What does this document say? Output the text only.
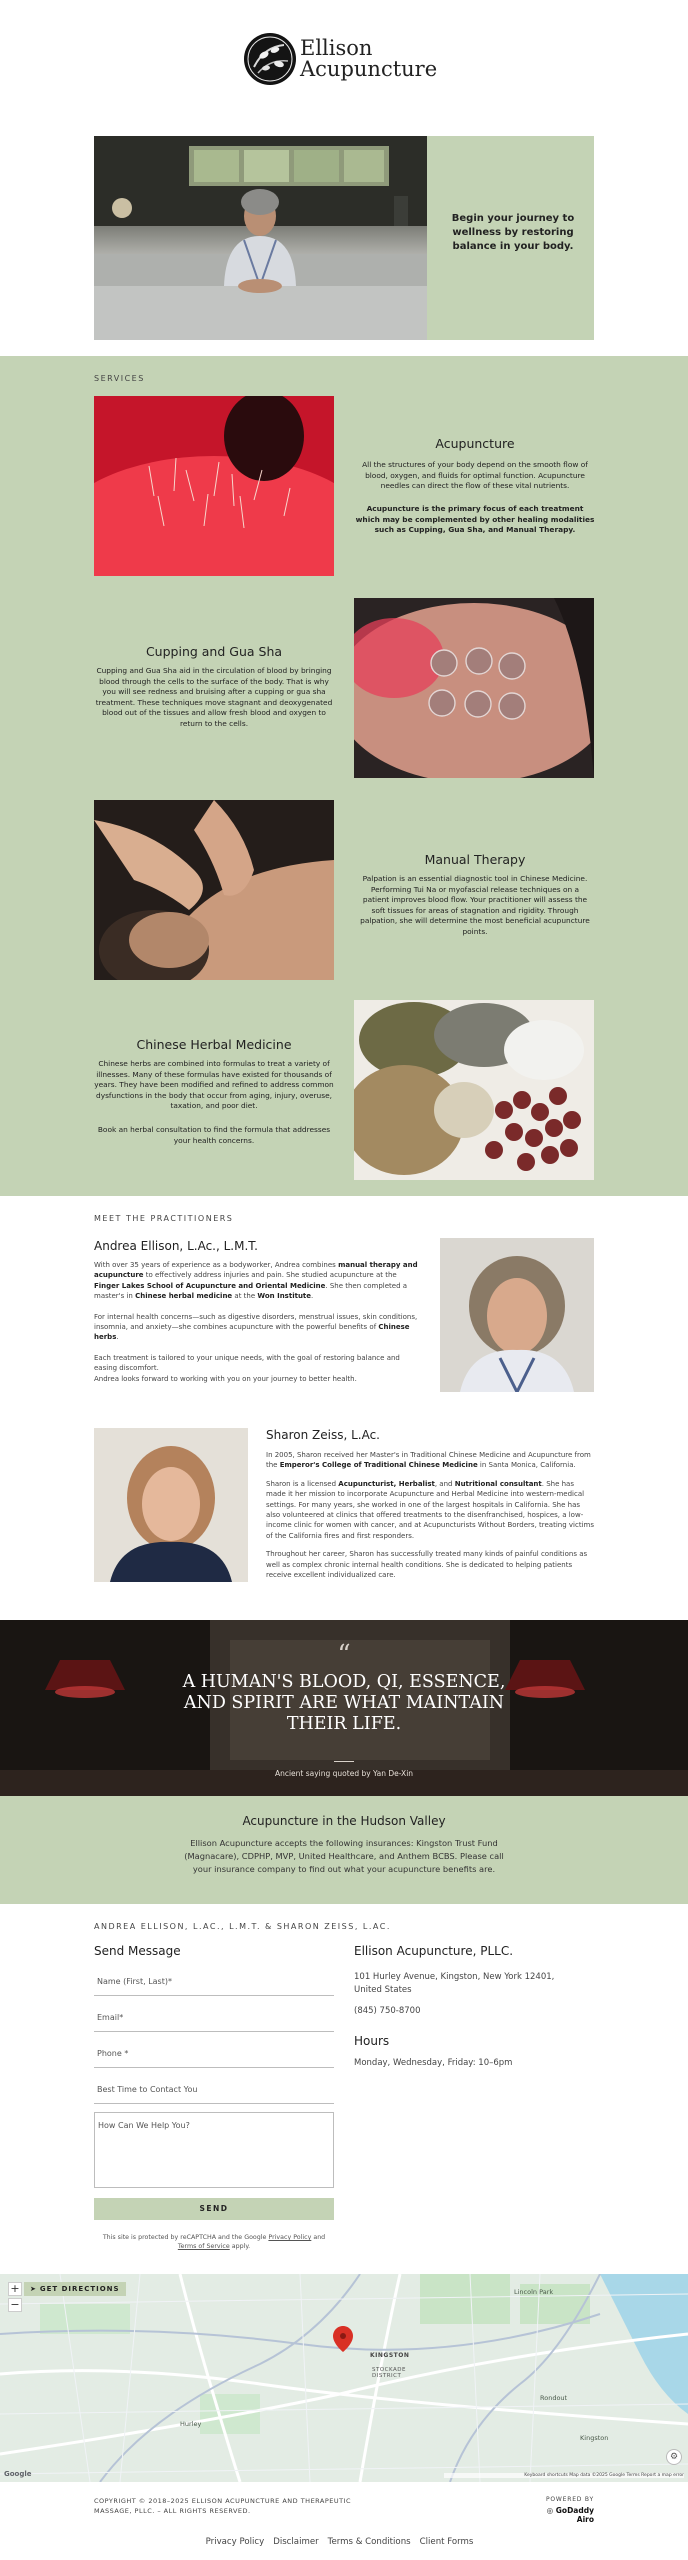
Ellison
Acupuncture
Begin your journey to wellness by restoring balance in your body.
SERVICES
Acupuncture
All the structures of your body depend on the smooth flow of blood, oxygen, and fluids for optimal function. Acupuncture needles can direct the flow of these vital nutrients.
Acupuncture is the primary focus of each treatment which may be complemented by other healing modalities such as Cupping, Gua Sha, and Manual Therapy.
Cupping and Gua Sha
Cupping and Gua Sha aid in the circulation of blood by bringing blood through the cells to the surface of the body. That is why you will see redness and bruising after a cupping or gua sha treatment. These techniques move stagnant and deoxygenated blood out of the tissues and allow fresh blood and oxygen to return to the cells.
Manual Therapy
Palpation is an essential diagnostic tool in Chinese Medicine. Performing Tui Na or myofascial release techniques on a patient improves blood flow. Your practitioner will assess the soft tissues for areas of stagnation and rigidity. Through palpation, she will determine the most beneficial acupuncture points.
Chinese Herbal Medicine
Chinese herbs are combined into formulas to treat a variety of illnesses. Many of these formulas have existed for thousands of years. They have been modified and refined to address common dysfunctions in the body that occur from aging, injury, overuse, taxation, and poor diet.
Book an herbal consultation to find the formula that addresses your health concerns.
MEET THE PRACTITIONERS
Andrea Ellison, L.Ac., L.M.T.

With over 35 years of experience as a bodyworker, Andrea combines manual therapy and acupuncture to effectively address injuries and pain. She studied acupuncture at the Finger Lakes School of Acupuncture and Oriental Medicine. She then completed a master's in Chinese herbal medicine at the Won Institute.

For internal health concerns—such as digestive disorders, menstrual issues, skin conditions, insomnia, and anxiety—she combines acupuncture with the powerful benefits of Chinese herbs.

Each treatment is tailored to your unique needs, with the goal of restoring balance and easing discomfort.

Andrea looks forward to working with you on your journey to better health.

Sharon Zeiss, L.Ac.

In 2005, Sharon received her Master's in Traditional Chinese Medicine and Acupuncture from the Emperor's College of Traditional Chinese Medicine in Santa Monica, California.

Sharon is a licensed Acupuncturist, Herbalist, and Nutritional consultant. She has made it her mission to incorporate Acupuncture and Herbal Medicine into western-medical settings. For many years, she worked in one of the largest hospitals in California. She has also volunteered at clinics that offered treatments to the disenfranchised, hospices, a low-income clinic for women with cancer, and at Acupuncturists Without Borders, treating victims of the California fires and first responders.

Throughout her career, Sharon has successfully treated many kinds of painful conditions as well as complex chronic internal health conditions. She is dedicated to helping patients receive excellent individualized care.

“
A HUMAN'S BLOOD, QI, ESSENCE, AND SPIRIT ARE WHAT MAINTAIN THEIR LIFE.
Ancient saying quoted by Yan De-Xin
Acupuncture in the Hudson Valley
Ellison Acupuncture accepts the following insurances: Kingston Trust Fund (Magnacare), CDPHP, MVP, United Healthcare, and Anthem BCBS. Please call your insurance company to find out what your acupuncture benefits are.
ANDREA ELLISON, L.AC., L.M.T. & SHARON ZEISS, L.AC.
Send Message
Name (First, Last)*
Email*
Phone *
Best Time to Contact You
How Can We Help You?
SEND
This site is protected by reCAPTCHA and the Google Privacy Policy and Terms of Service apply.
Ellison Acupuncture, PLLC.
101 Hurley Avenue, Kingston, New York 12401, United States
(845) 750-8700
Hours
Monday, Wednesday, Friday: 10–6pm
+
−
➤ GET DIRECTIONS	Lincoln Park
STOCKADE DISTRICT
KINGSTON
Hurley
Rondout
Kingston
Google	Keyboard shortcuts Map data ©2025 Google Terms Report a map error
⚙
COPYRIGHT © 2018–2025 ELLISON ACUPUNCTURE AND THERAPEUTIC MASSAGE, PLLC. – ALL RIGHTS RESERVED.
POWERED BY
◎ GoDaddy Airo
Privacy Policy Disclaimer Terms & Conditions Client Forms
